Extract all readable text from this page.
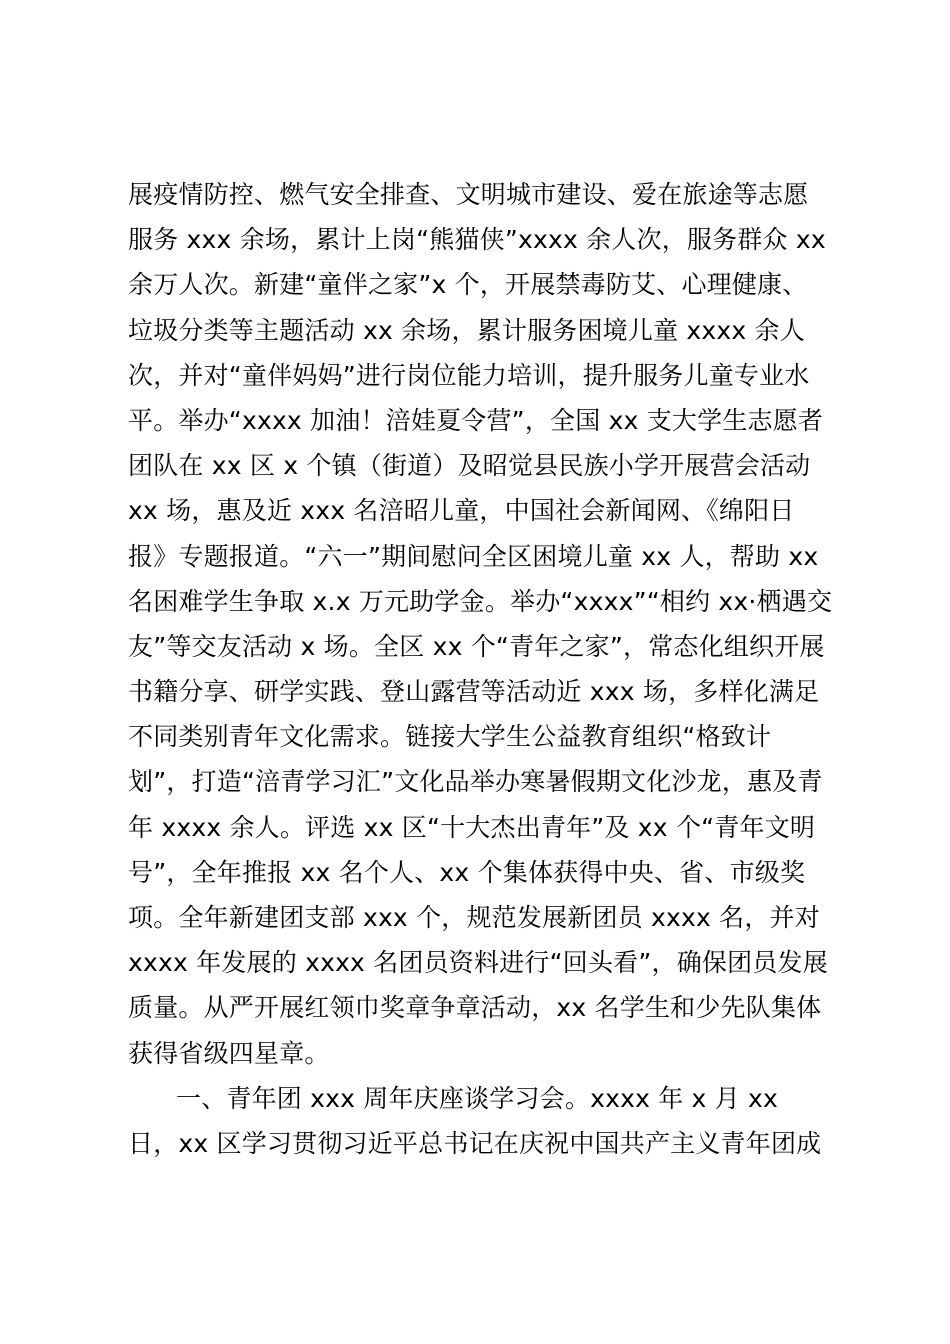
展疫情防控、燃气安全排查、文明城市建设、爱在旅途等志愿
服务 xxx 余场，累计上岗“熊猫侠”xxxx 余人次，服务群众 xx
余万人次。新建“童伴之家”x 个，开展禁毒防艾、心理健康、
垃圾分类等主题活动 xx 余场，累计服务困境儿童 xxxx 余人
次，并对“童伴妈妈”进行岗位能力培训，提升服务儿童专业水
平。举办“xxxx 加油！涪娃夏令营”，全国 xx 支大学生志愿者
团队在 xx 区 x 个镇（街道）及昭觉县民族小学开展营会活动
xx 场，惠及近 xxx 名涪昭儿童，中国社会新闻网、《绵阳日
报》专题报道。“六一”期间慰问全区困境儿童 xx 人，帮助 xx
名困难学生争取 x.x 万元助学金。举办“xxxx”“相约 xx·栖遇交
友”等交友活动 x 场。全区 xx 个“青年之家”，常态化组织开展
书籍分享、研学实践、登山露营等活动近 xxx 场，多样化满足
不同类别青年文化需求。链接大学生公益教育组织“格致计
划”，打造“涪青学习汇”文化品举办寒暑假期文化沙龙，惠及青
年 xxxx 余人。评选 xx 区“十大杰出青年”及 xx 个“青年文明
号”，全年推报 xx 名个人、xx 个集体获得中央、省、市级奖
项。全年新建团支部 xxx 个，规范发展新团员 xxxx 名，并对
xxxx 年发展的 xxxx 名团员资料进行“回头看”，确保团员发展
质量。从严开展红领巾奖章争章活动，xx 名学生和少先队集体
获得省级四星章。
一、青年团 xxx 周年庆座谈学习会。xxxx 年 x 月 xx
日，xx 区学习贯彻习近平总书记在庆祝中国共产主义青年团成
